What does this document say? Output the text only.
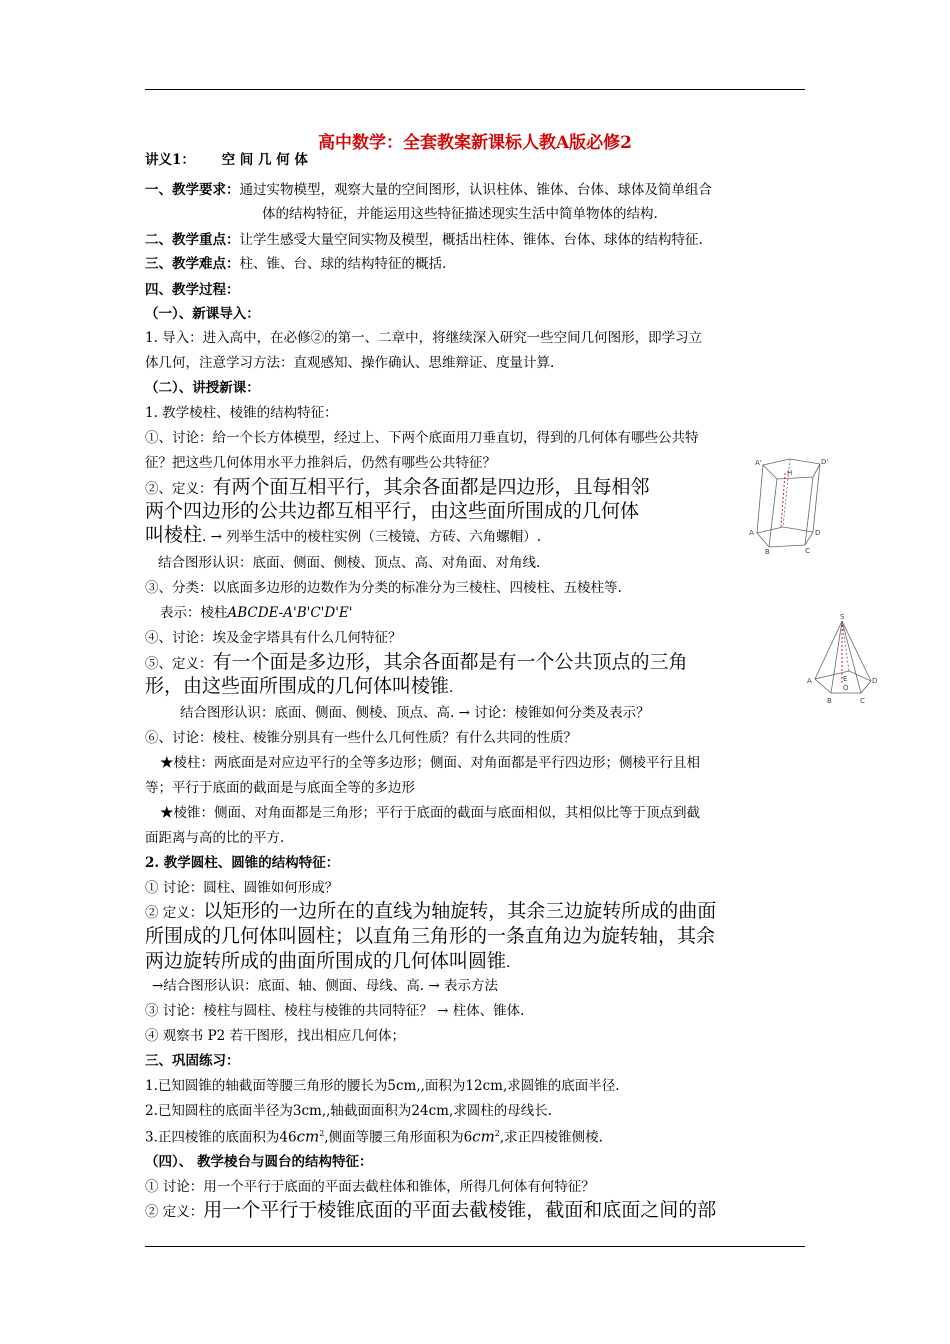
高中数学：全套教案新课标人教A版必修2
讲义1： 空 间 几 何 体
一、教学要求：通过实物模型，观察大量的空间图形，认识柱体、锥体、台体、球体及简单组合
体的结构特征，并能运用这些特征描述现实生活中简单物体的结构.
二、教学重点：让学生感受大量空间实物及模型，概括出柱体、锥体、台体、球体的结构特征.
三、教学难点：柱、锥、台、球的结构特征的概括.
四、教学过程：
（一）、新课导入：
1. 导入：进入高中，在必修②的第一、二章中，将继续深入研究一些空间几何图形，即学习立
体几何，注意学习方法：直观感知、操作确认、思维辩证、度量计算.
（二）、讲授新课：
1. 教学棱柱、棱锥的结构特征：
①、讨论：给一个长方体模型，经过上、下两个底面用刀垂直切，得到的几何体有哪些公共特
征？把这些几何体用水平力推斜后，仍然有哪些公共特征？
②、定义：有两个面互相平行，其余各面都是四边形，且每相邻
两个四边形的公共边都互相平行，由这些面所围成的几何体
叫棱柱. → 列举生活中的棱柱实例（三棱镜、方砖、六角螺帽）.
A'	D'
H
A
B	C
D
结合图形认识：底面、侧面、侧棱、顶点、高、对角面、对角线.
③、分类：以底面多边形的边数作为分类的标准分为三棱柱、四棱柱、五棱柱等.
表示：棱柱ABCDE-A'B'C'D'E'
④、讨论：埃及金字塔具有什么几何特征？
⑤、定义：有一个面是多边形，其余各面都是有一个公共顶点的三角
形，由这些面所围成的几何体叫棱锥.
S
A	E
O
B	C
D
结合图形认识：底面、侧面、侧棱、顶点、高. → 讨论：棱锥如何分类及表示？
⑥、讨论：棱柱、棱锥分别具有一些什么几何性质？有什么共同的性质？
★棱柱：两底面是对应边平行的全等多边形；侧面、对角面都是平行四边形；侧棱平行且相
等；平行于底面的截面是与底面全等的多边形
★棱锥：侧面、对角面都是三角形；平行于底面的截面与底面相似，其相似比等于顶点到截
面距离与高的比的平方.
2. 教学圆柱、圆锥的结构特征：
① 讨论：圆柱、圆锥如何形成？
② 定义：以矩形的一边所在的直线为轴旋转，其余三边旋转所成的曲面
所围成的几何体叫圆柱；以直角三角形的一条直角边为旋转轴，其余
两边旋转所成的曲面所围成的几何体叫圆锥.
→结合图形认识：底面、轴、侧面、母线、高. → 表示方法
③ 讨论：棱柱与圆柱、棱柱与棱锥的共同特征？ → 柱体、锥体.
④ 观察书 P2 若干图形，找出相应几何体；
三、巩固练习：
1.已知圆锥的轴截面等腰三角形的腰长为5cm,,面积为12cm,求圆锥的底面半径.
2.已知圆柱的底面半径为3cm,,轴截面面积为24cm,求圆柱的母线长.
3.正四棱锥的底面积为$46cm^2$,侧面等腰三角形面积为$6cm^2$,求正四棱锥侧棱.
（四）、 教学棱台与圆台的结构特征：
① 讨论：用一个平行于底面的平面去截柱体和锥体，所得几何体有何特征？
② 定义：用一个平行于棱锥底面的平面去截棱锥，截面和底面之间的部
